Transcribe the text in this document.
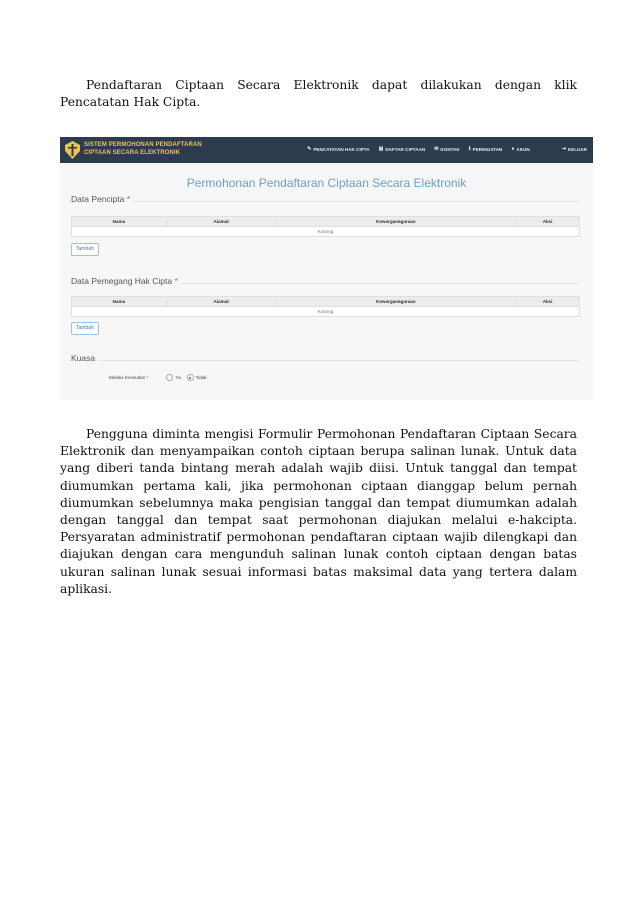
Pendaftaran Ciptaan Secara Elektronik dapat dilakukan dengan klik Pencatatan Hak Cipta.

SISTEM PERMOHONAN PENDAFTARAN
CIPTAAN SECARA ELEKTRONIK
✎ PENCATATAN HAK CIPTA ▤ DAFTAR CIPTAAN ✉ KONTAK ℹ PERINGATAN ● AKUN	⇥ KELUAR
Permohonan Pendaftaran Ciptaan Secara Elektronik
Data Pencipta *
Nama	Alamat	Kewarganegaraan	Aksi
Kosong
Tambah
Data Pemegang Hak Cipta *
Nama	Alamat	Kewarganegaraan	Aksi
Kosong
Tambah
Kuasa
Melalui Konsultan *	Ya	Tidak

Pengguna diminta mengisi Formulir Permohonan Pendaftaran Ciptaan Secara Elektronik dan menyampaikan contoh ciptaan berupa salinan lunak. Untuk data yang diberi tanda bintang merah adalah wajib diisi. Untuk tanggal dan tempat diumumkan pertama kali, jika permohonan ciptaan dianggap belum pernah diumumkan sebelumnya maka pengisian tanggal dan tempat diumumkan adalah dengan tanggal dan tempat saat permohonan diajukan melalui e-hakcipta. Persyaratan administratif permohonan pendaftaran ciptaan wajib dilengkapi dan diajukan dengan cara mengunduh salinan lunak contoh ciptaan dengan batas ukuran salinan lunak sesuai informasi batas maksimal data yang tertera dalam aplikasi.
